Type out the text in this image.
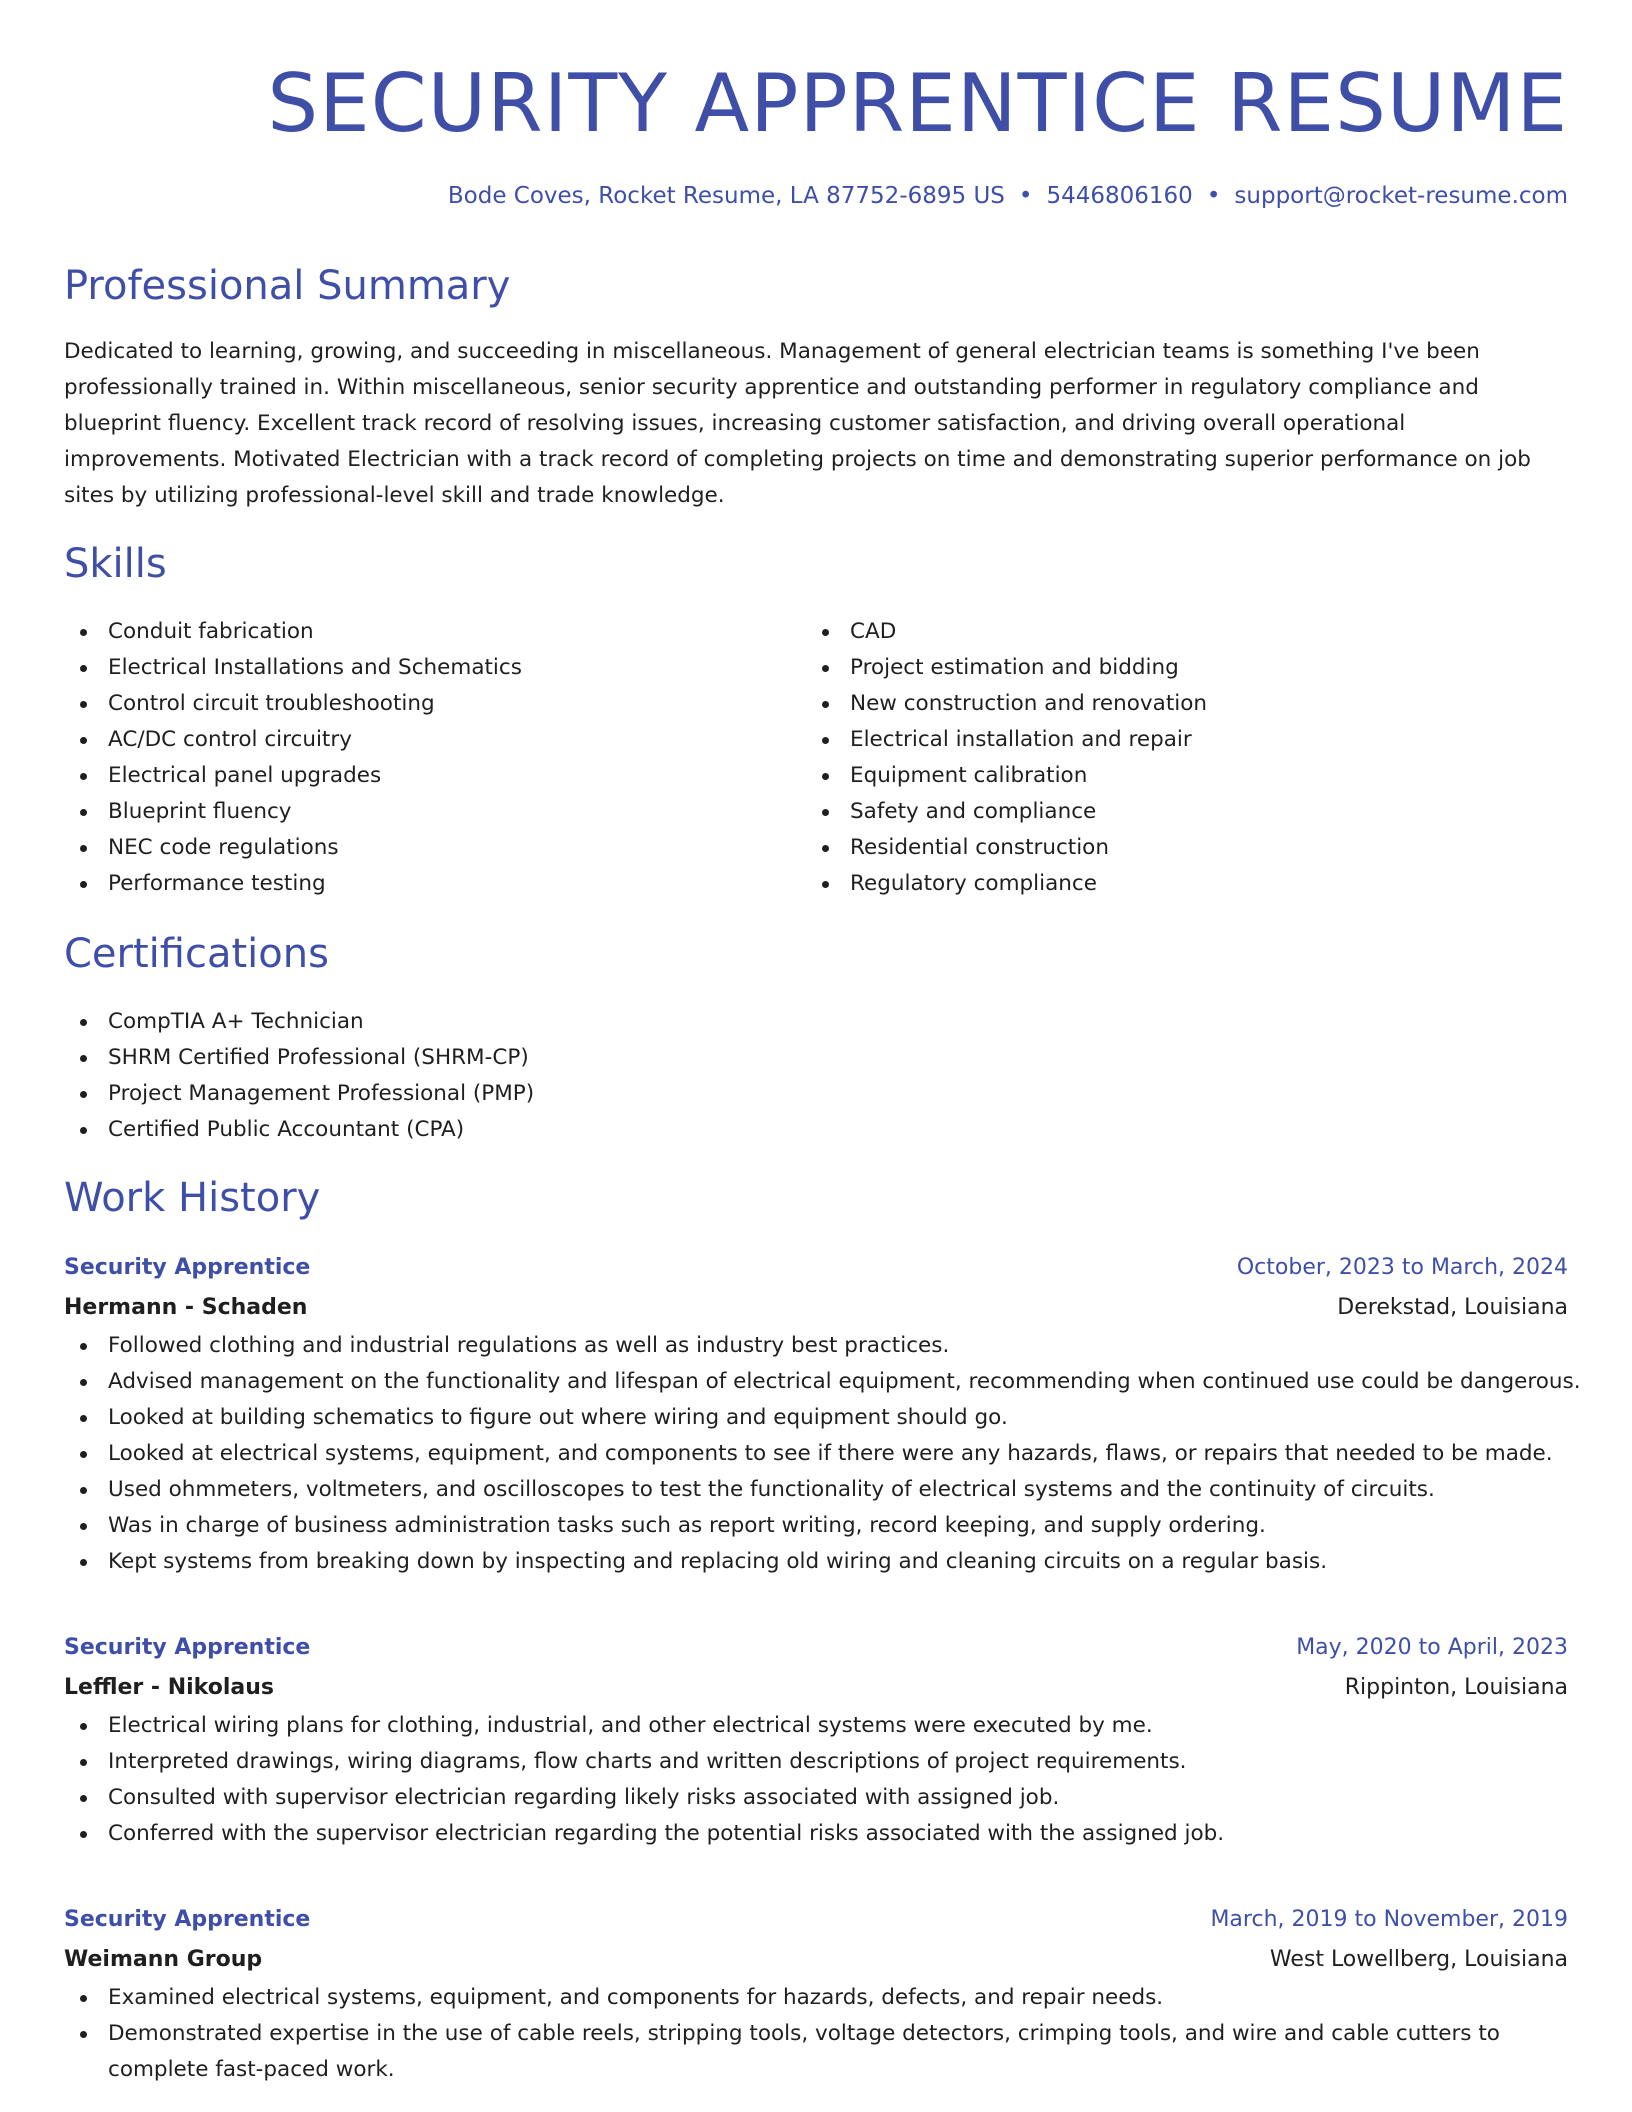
SECURITY APPRENTICE RESUME
Bode Coves, Rocket Resume, LA 87752-6895 US • 5446806160 • support@rocket-resume.com
Professional Summary

Dedicated to learning, growing, and succeeding in miscellaneous. Management of general electrician teams is something I've been professionally trained in. Within miscellaneous, senior security apprentice and outstanding performer in regulatory compliance and blueprint fluency. Excellent track record of resolving issues, increasing customer satisfaction, and driving overall operational improvements. Motivated Electrician with a track record of completing projects on time and demonstrating superior performance on job sites by utilizing professional-level skill and trade knowledge.

Skills
Conduit fabrication
Electrical Installations and Schematics
Control circuit troubleshooting
AC/DC control circuitry
Electrical panel upgrades
Blueprint fluency
NEC code regulations
Performance testing
CAD
Project estimation and bidding
New construction and renovation
Electrical installation and repair
Equipment calibration
Safety and compliance
Residential construction
Regulatory compliance
Certifications
CompTIA A+ Technician
SHRM Certified Professional (SHRM-CP)
Project Management Professional (PMP)
Certified Public Accountant (CPA)
Work History
Security Apprentice	October, 2023 to March, 2024
Hermann - Schaden	Derekstad, Louisiana
Followed clothing and industrial regulations as well as industry best practices.
Advised management on the functionality and lifespan of electrical equipment, recommending when continued use could be dangerous.
Looked at building schematics to figure out where wiring and equipment should go.
Looked at electrical systems, equipment, and components to see if there were any hazards, flaws, or repairs that needed to be made.
Used ohmmeters, voltmeters, and oscilloscopes to test the functionality of electrical systems and the continuity of circuits.
Was in charge of business administration tasks such as report writing, record keeping, and supply ordering.
Kept systems from breaking down by inspecting and replacing old wiring and cleaning circuits on a regular basis.
Security Apprentice	May, 2020 to April, 2023
Leffler - Nikolaus	Rippinton, Louisiana
Electrical wiring plans for clothing, industrial, and other electrical systems were executed by me.
Interpreted drawings, wiring diagrams, flow charts and written descriptions of project requirements.
Consulted with supervisor electrician regarding likely risks associated with assigned job.
Conferred with the supervisor electrician regarding the potential risks associated with the assigned job.
Security Apprentice	March, 2019 to November, 2019
Weimann Group	West Lowellberg, Louisiana
Examined electrical systems, equipment, and components for hazards, defects, and repair needs.
Demonstrated expertise in the use of cable reels, stripping tools, voltage detectors, crimping tools, and wire and cable cutters to complete fast-paced work.
